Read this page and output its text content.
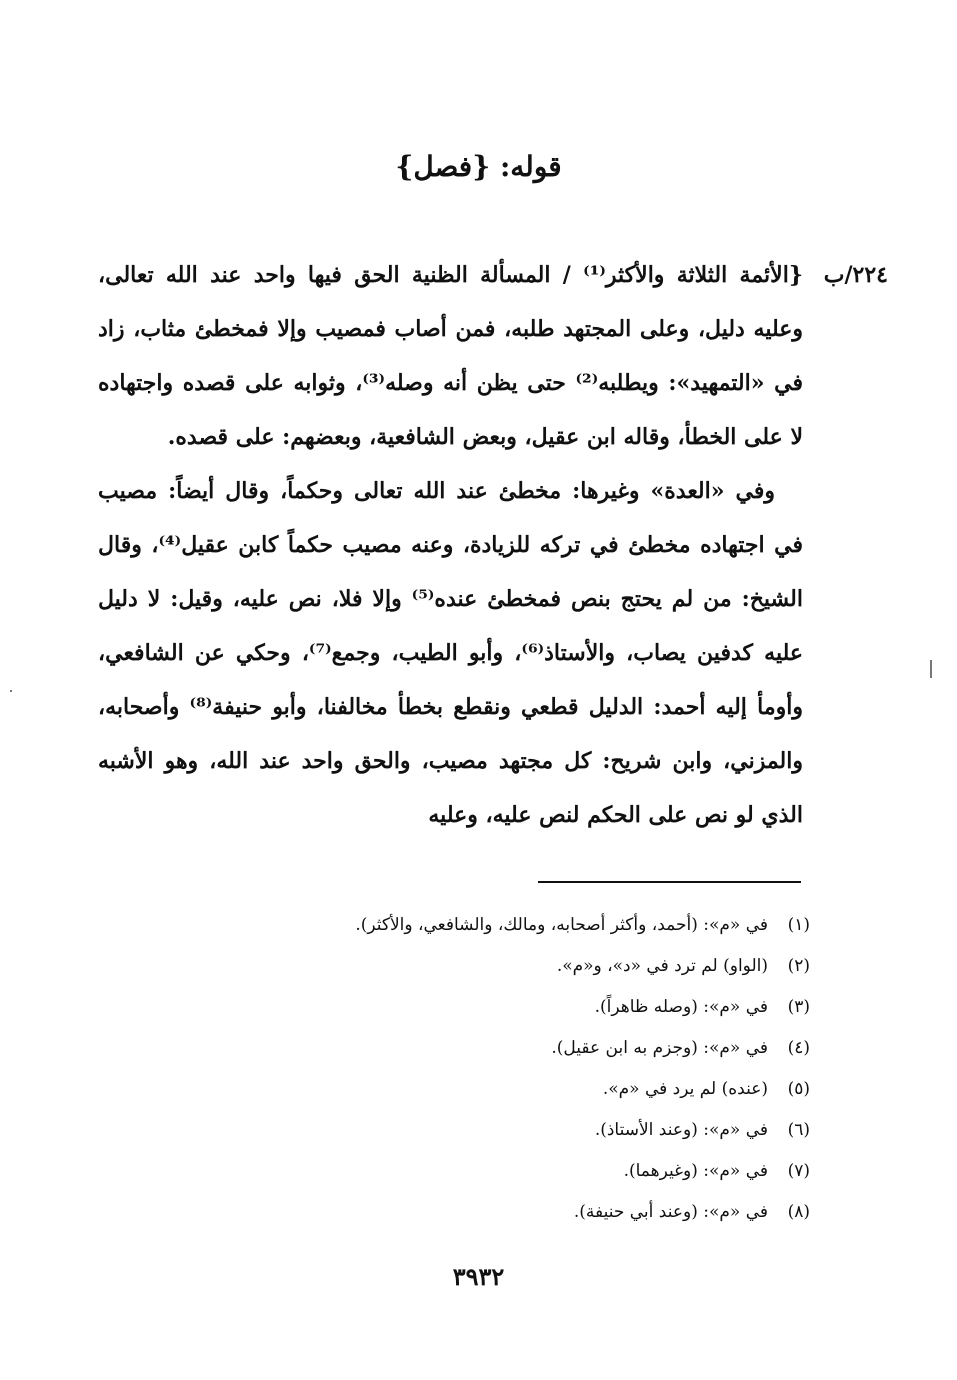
قوله: {فصل}
٢٢٤/ب

{الأئمة الثلاثة والأكثر⁽¹⁾ / المسألة الظنية الحق فيها واحد عند الله تعالى، وعليه دليل، وعلى المجتهد طلبه، فمن أصاب فمصيب وإلا فمخطئ مثاب، زاد في «التمهيد»: ويطلبه⁽²⁾ حتى يظن أنه وصله⁽³⁾، وثوابه على قصده واجتهاده لا على الخطأ، وقاله ابن عقيل، وبعض الشافعية، وبعضهم: على قصده.

وفي «العدة» وغيرها: مخطئ عند الله تعالى وحكماً، وقال أيضاً: مصيب في اجتهاده مخطئ في تركه للزيادة، وعنه مصيب حكماً كابن عقيل⁽⁴⁾، وقال الشيخ: من لم يحتج بنص فمخطئ عنده⁽⁵⁾ وإلا فلا، نص عليه، وقيل: لا دليل عليه كدفين يصاب، والأستاذ⁽⁶⁾، وأبو الطيب، وجمع⁽⁷⁾، وحكي عن الشافعي، وأومأ إليه أحمد: الدليل قطعي ونقطع بخطأ مخالفنا، وأبو حنيفة⁽⁸⁾ وأصحابه، والمزني، وابن شريح: كل مجتهد مصيب، والحق واحد عند الله، وهو الأشبه الذي لو نص على الحكم لنص عليه، وعليه

(١)في «م»: (أحمد، وأكثر أصحابه، ومالك، والشافعي، والأكثر).
(٢)(الواو) لم ترد في «د»، و«م».
(٣)في «م»: (وصله ظاهراً).
(٤)في «م»: (وجزم به ابن عقيل).
(٥)(عنده) لم يرد في «م».
(٦)في «م»: (وعند الأستاذ).
(٧)في «م»: (وغيرهما).
(٨)في «م»: (وعند أبي حنيفة).
٣٩٣٢
